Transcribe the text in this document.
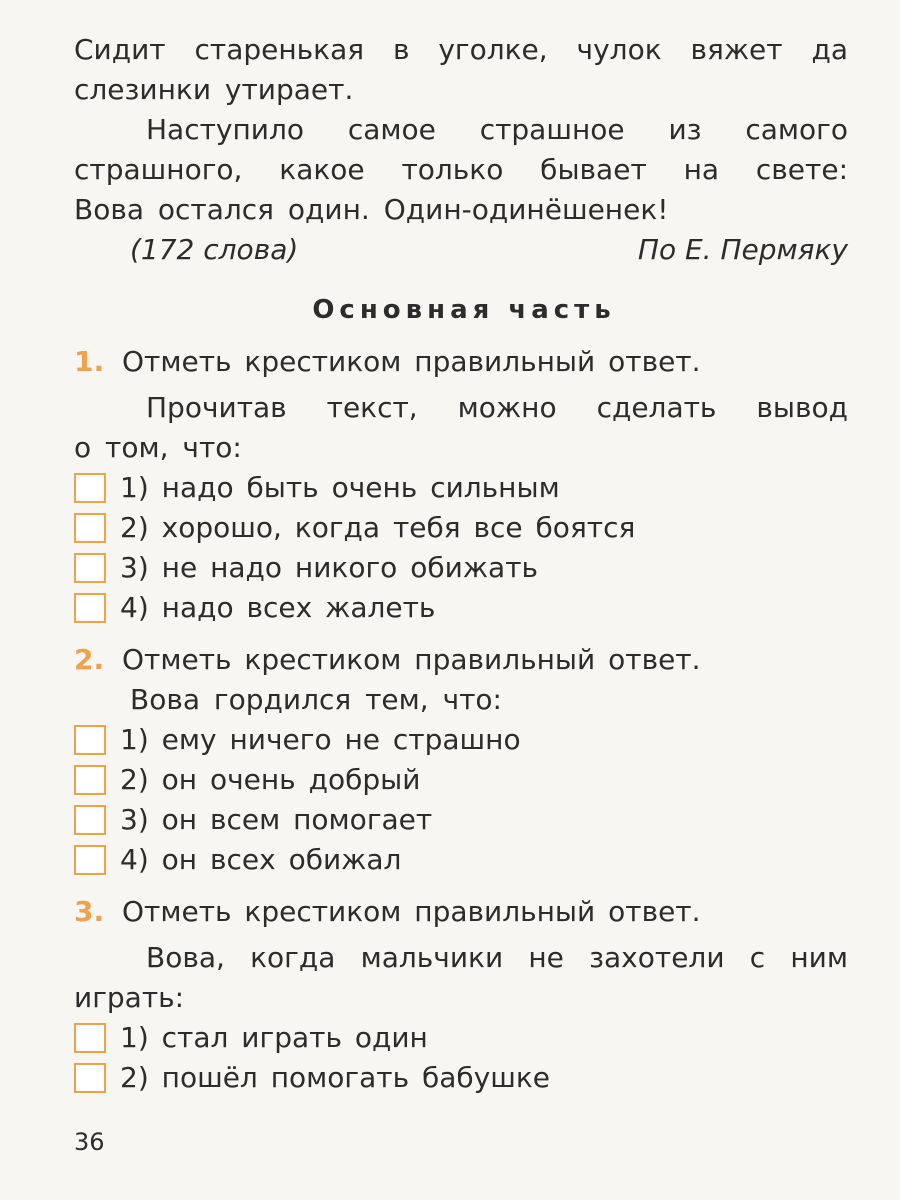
Сидит старенькая в уголке, чулок вяжет да
слезинки утирает.
Наступило самое страшное из самого
страшного, какое только бывает на свете:
Вова остался один. Один-одинёшенек!
(172 слова)	По Е. Пермяку
Основная часть
1. Отметь крестиком правильный ответ.
Прочитав текст, можно сделать вывод
о том, что:
1) надо быть очень сильным
2) хорошо, когда тебя все боятся
3) не надо никого обижать
4) надо всех жалеть
2. Отметь крестиком правильный ответ.
Вова гордился тем, что:
1) ему ничего не страшно
2) он очень добрый
3) он всем помогает
4) он всех обижал
3. Отметь крестиком правильный ответ.
Вова, когда мальчики не захотели с ним
играть:
1) стал играть один
2) пошёл помогать бабушке
36
